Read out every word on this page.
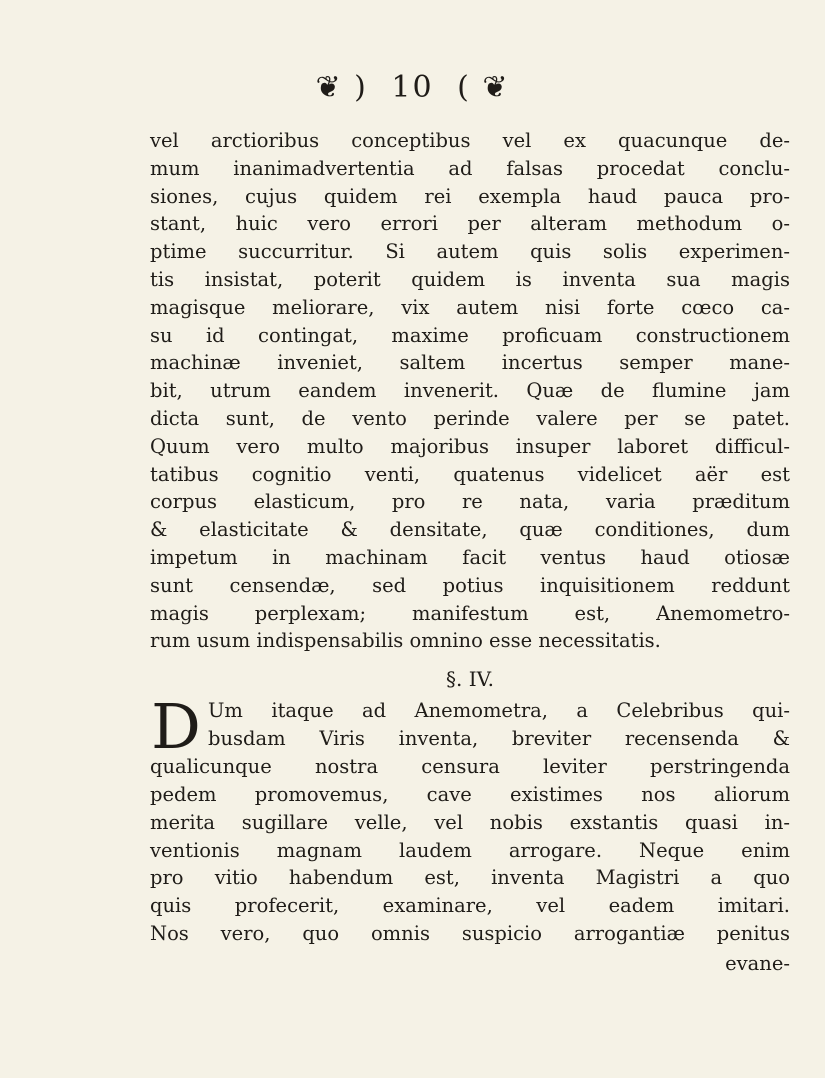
❦ ) 10 ( ❦
vel arctioribus conceptibus vel ex quacunque de-
mum inanimadvertentia ad falsas procedat conclu-
siones, cujus quidem rei exempla haud pauca pro-
stant, huic vero errori per alteram methodum o-
ptime succurritur. Si autem quis solis experimen-
tis insistat, poterit quidem is inventa sua magis
magisque meliorare, vix autem nisi forte cœco ca-
su id contingat, maxime proficuam constructionem
machinæ inveniet, saltem incertus semper mane-
bit, utrum eandem invenerit. Quæ de flumine jam
dicta sunt, de vento perinde valere per se patet.
Quum vero multo majoribus insuper laboret difficul-
tatibus cognitio venti, quatenus videlicet aër est
corpus elasticum, pro re nata, varia præditum
& elasticitate & densitate, quæ conditiones, dum
impetum in machinam facit ventus haud otiosæ
sunt censendæ, sed potius inquisitionem reddunt
magis perplexam; manifestum est, Anemometro-
rum usum indispensabilis omnino esse necessitatis.
§. IV.
D Um itaque ad Anemometra, a Celebribus qui-
busdam Viris inventa, breviter recensenda &
qualicunque nostra censura leviter perstringenda
pedem promovemus, cave existimes nos aliorum
merita sugillare velle, vel nobis exstantis quasi in-
ventionis magnam laudem arrogare. Neque enim
pro vitio habendum est, inventa Magistri a quo
quis profecerit, examinare, vel eadem imitari.
Nos vero, quo omnis suspicio arrogantiæ penitus
evane-
